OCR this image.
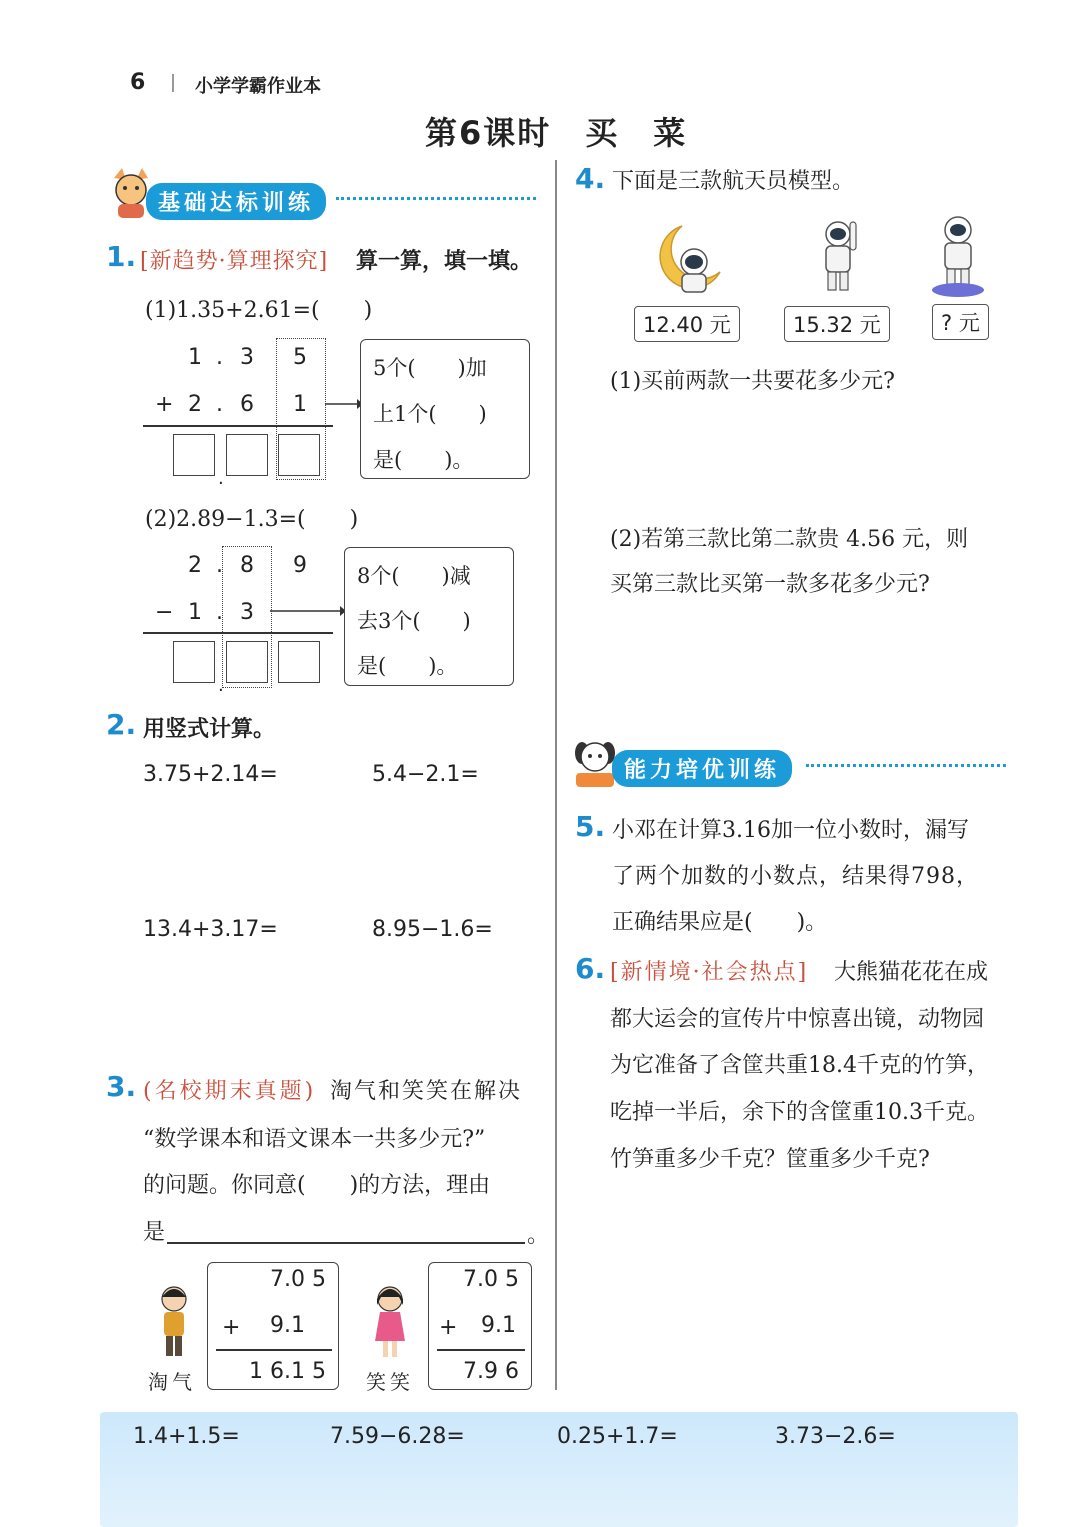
6	小学学霸作业本
第6课时　买　菜
基础达标训练
1. [新趋势·算理探究] 算一算，填一填。
(1)1.35+2.61=(　　)
1 . 3 5
+ 2 . 6 1
.
5个(　　)加
上1个(　　)
是(　　)。
(2)2.89−1.3=(　　)
2 . 8 9
− 1 . 3
.
8个(　　)减
去3个(　　)
是(　　)。
2. 用竖式计算。
3.75+2.14=	5.4−2.1=
13.4+3.17=	8.95−1.6=
3. (名校期末真题) 淘气和笑笑在解决
“数学课本和语文课本一共多少元?”
的问题。你同意(　　)的方法，理由
是	。
淘气
7.0 5
+ 9.1
1 6.1 5 笑笑
7.0 5
+ 9.1
7.9 6
4. 下面是三款航天员模型。
12.40 元	15.32 元	? 元
(1)买前两款一共要花多少元?
(2)若第三款比第二款贵 4.56 元，则
买第三款比买第一款多花多少元?
能力培优训练
5. 小邓在计算3.16加一位小数时，漏写
了两个加数的小数点，结果得798，
正确结果应是(　　)。
6. [新情境·社会热点] 大熊猫花花在成
都大运会的宣传片中惊喜出镜，动物园
为它准备了含筐共重18.4千克的竹笋，
吃掉一半后，余下的含筐重10.3千克。
竹笋重多少千克？筐重多少千克?
1.4+1.5=	7.59−6.28=	0.25+1.7=	3.73−2.6=
